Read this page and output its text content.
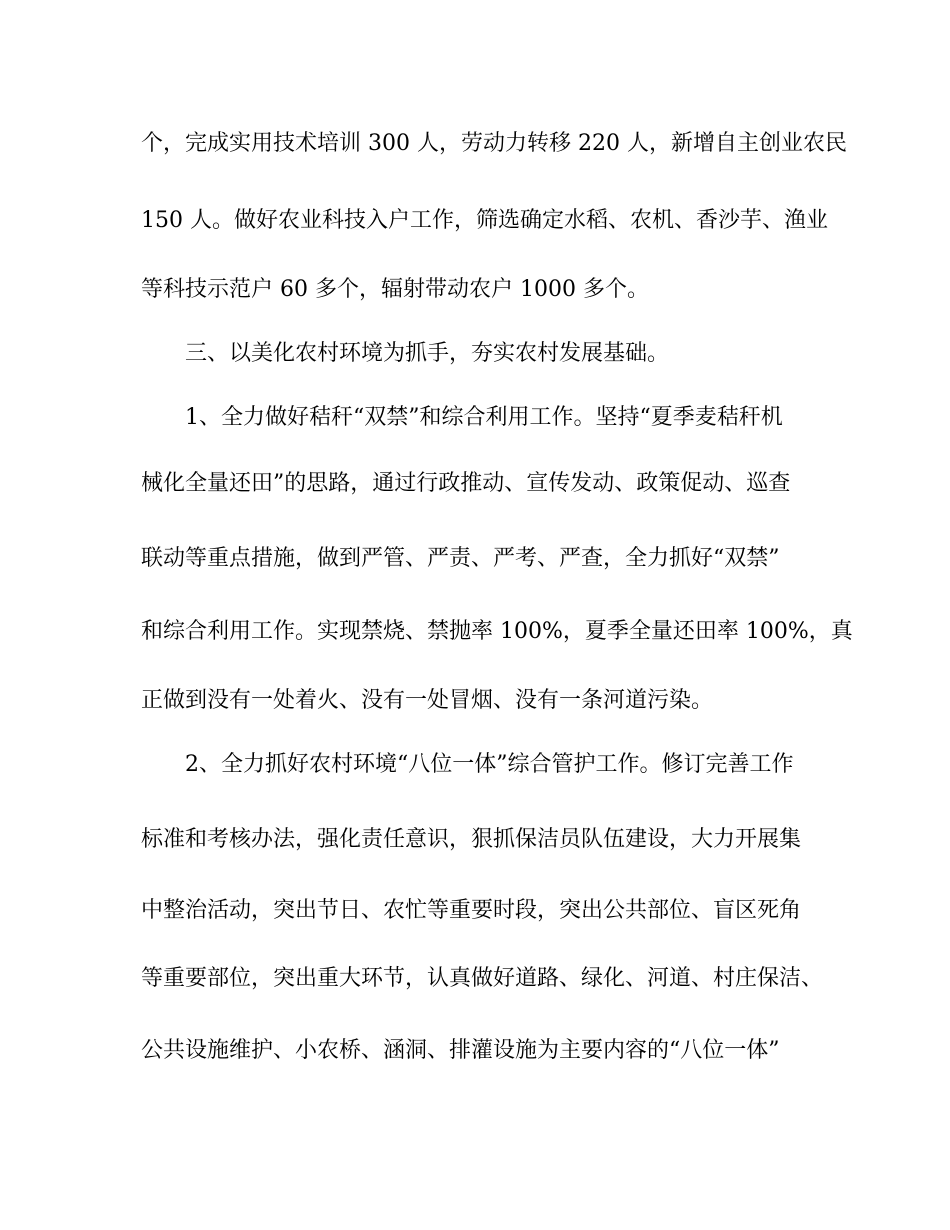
个，完成实用技术培训 300 人，劳动力转移 220 人，新增自主创业农民
150 人。做好农业科技入户工作，筛选确定水稻、农机、香沙芋、渔业
等科技示范户 60 多个，辐射带动农户 1000 多个。
三、以美化农村环境为抓手，夯实农村发展基础。
1、全力做好秸秆“双禁”和综合利用工作。坚持“夏季麦秸秆机
械化全量还田”的思路，通过行政推动、宣传发动、政策促动、巡查
联动等重点措施，做到严管、严责、严考、严查，全力抓好“双禁”
和综合利用工作。实现禁烧、禁抛率 100%，夏季全量还田率 100%，真
正做到没有一处着火、没有一处冒烟、没有一条河道污染。
2、全力抓好农村环境“八位一体”综合管护工作。修订完善工作
标准和考核办法，强化责任意识，狠抓保洁员队伍建设，大力开展集
中整治活动，突出节日、农忙等重要时段，突出公共部位、盲区死角
等重要部位，突出重大环节，认真做好道路、绿化、河道、村庄保洁、
公共设施维护、小农桥、涵洞、排灌设施为主要内容的“八位一体”
